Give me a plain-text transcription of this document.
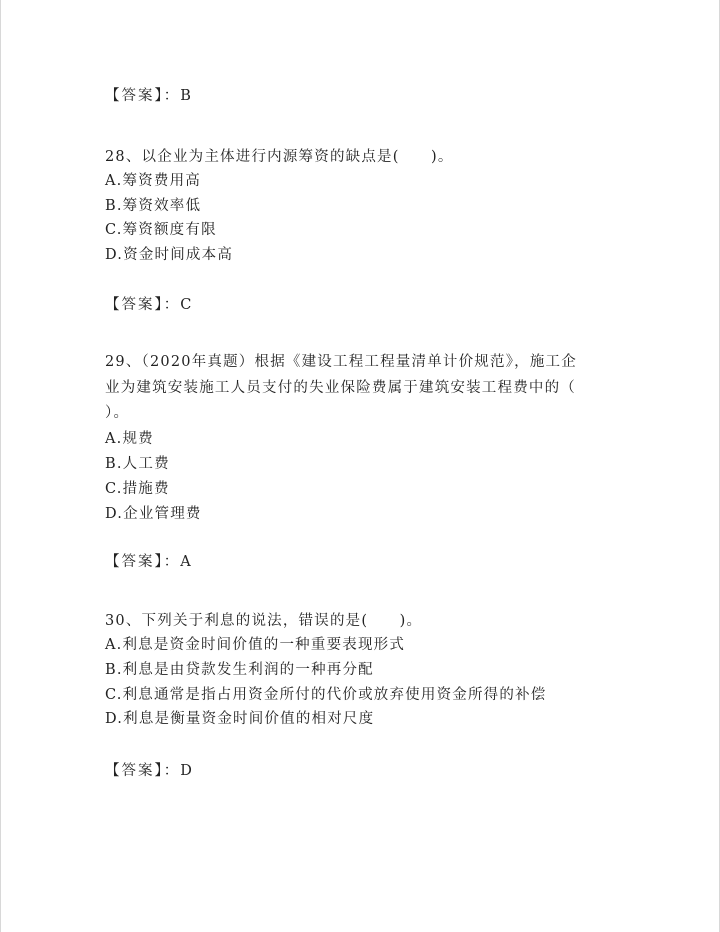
【答案】：B
28、以企业为主体进行内源筹资的缺点是(　　)。
A.筹资费用高
B.筹资效率低
C.筹资额度有限
D.资金时间成本高
【答案】：C
29、（2020年真题）根据《建设工程工程量清单计价规范》，施工企
业为建筑安装施工人员支付的失业保险费属于建筑安装工程费中的（
）。
A.规费
B.人工费
C.措施费
D.企业管理费
【答案】：A
30、下列关于利息的说法，错误的是(　　)。
A.利息是资金时间价值的一种重要表现形式
B.利息是由贷款发生利润的一种再分配
C.利息通常是指占用资金所付的代价或放弃使用资金所得的补偿
D.利息是衡量资金时间价值的相对尺度
【答案】：D
